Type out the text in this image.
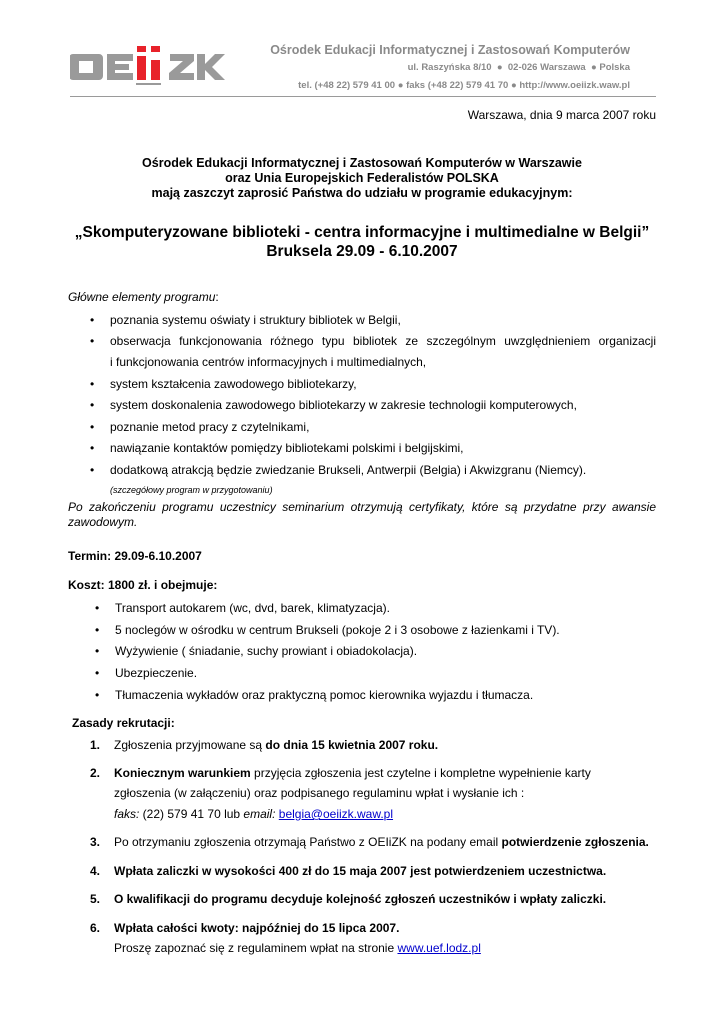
Ośrodek Edukacji Informatycznej i Zastosowań Komputerów
ul. Raszyńska 8/10 ● 02-026 Warszawa ● Polska
tel. (+48 22) 579 41 00 ● faks (+48 22) 579 41 70 ● http://www.oeiizk.waw.pl
Warszawa, dnia 9 marca 2007 roku
Ośrodek Edukacji Informatycznej i Zastosowań Komputerów w Warszawie
oraz Unia Europejskich Federalistów POLSKA
mają zaszczyt zaprosić Państwa do udziału w programie edukacyjnym:
„Skomputeryzowane biblioteki - centra informacyjne i multimedialne w Belgii”
Bruksela 29.09 - 6.10.2007
Główne elementy programu:
• poznania systemu oświaty i struktury bibliotek w Belgii,
• obserwacja funkcjonowania różnego typu bibliotek ze szczególnym uwzględnieniem organizacji
i funkcjonowania centrów informacyjnych i multimedialnych,
• system kształcenia zawodowego bibliotekarzy,
• system doskonalenia zawodowego bibliotekarzy w zakresie technologii komputerowych,
• poznanie metod pracy z czytelnikami,
• nawiązanie kontaktów pomiędzy bibliotekami polskimi i belgijskimi,
• dodatkową atrakcją będzie zwiedzanie Brukseli, Antwerpii (Belgia) i Akwizgranu (Niemcy).
(szczegółowy program w przygotowaniu)
Po zakończeniu programu uczestnicy seminarium otrzymują certyfikaty, które są przydatne przy awansie
zawodowym.
Termin: 29.09-6.10.2007
Koszt: 1800 zł. i obejmuje:
• Transport autokarem (wc, dvd, barek, klimatyzacja).
• 5 noclegów w ośrodku w centrum Brukseli (pokoje 2 i 3 osobowe z łazienkami i TV).
• Wyżywienie ( śniadanie, suchy prowiant i obiadokolacja).
• Ubezpieczenie.
• Tłumaczenia wykładów oraz praktyczną pomoc kierownika wyjazdu i tłumacza.
Zasady rekrutacji:
1. Zgłoszenia przyjmowane są do dnia 15 kwietnia 2007 roku.
2. Koniecznym warunkiem przyjęcia zgłoszenia jest czytelne i kompletne wypełnienie karty
zgłoszenia (w załączeniu) oraz podpisanego regulaminu wpłat i wysłanie ich :
faks: (22) 579 41 70 lub email: belgia@oeiizk.waw.pl
3. Po otrzymaniu zgłoszenia otrzymają Państwo z OEIiZK na podany email potwierdzenie zgłoszenia.
4. Wpłata zaliczki w wysokości 400 zł do 15 maja 2007 jest potwierdzeniem uczestnictwa.
5. O kwalifikacji do programu decyduje kolejność zgłoszeń uczestników i wpłaty zaliczki.
6. Wpłata całości kwoty: najpóźniej do 15 lipca 2007.
Proszę zapoznać się z regulaminem wpłat na stronie www.uef.lodz.pl
